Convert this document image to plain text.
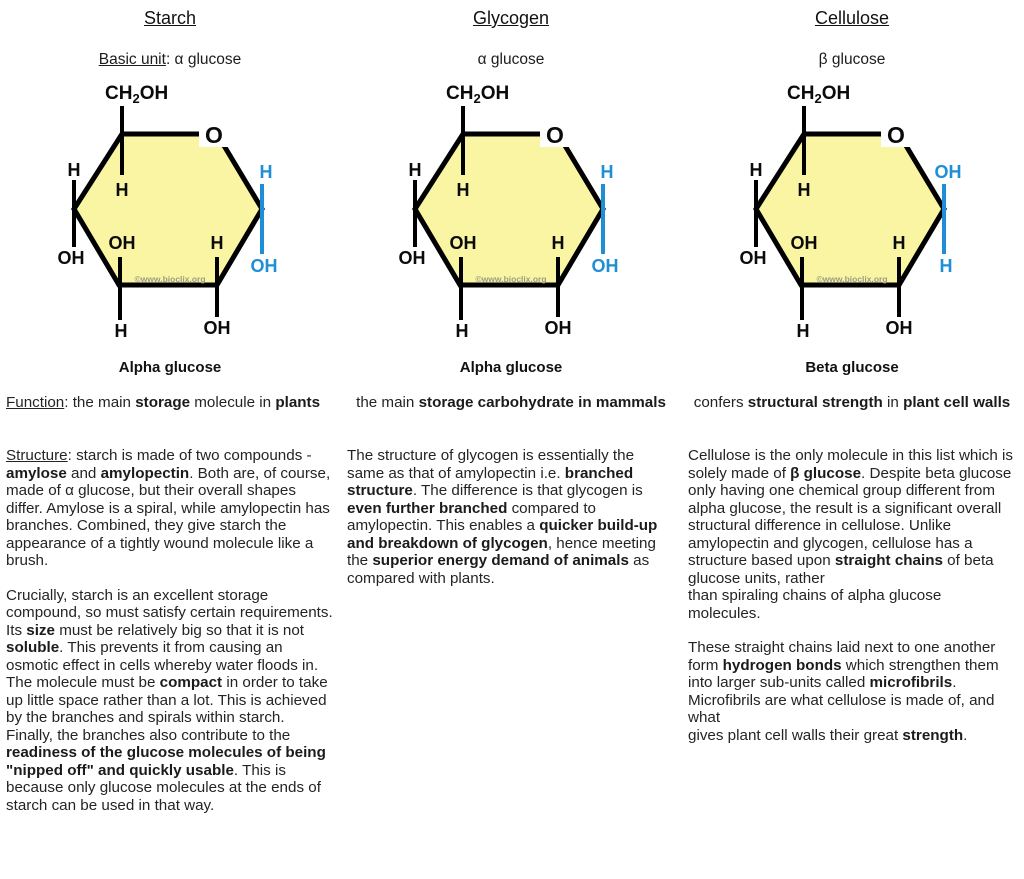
Starch
Basic unit: α glucose
O
$CH_2OH$
H
H
OH
OH	H
H	OH
H
OH
©www.bioclix.org
Alpha glucose
Function: the main storage molecule in plants

Structure: starch is made of two compounds - amylose and amylopectin. Both are, of course, made of α glucose, but their overall shapes differ. Amylose is a spiral, while amylopectin has branches. Combined, they give starch the appearance of a tightly wound molecule like a brush.

Crucially, starch is an excellent storage compound, so must satisfy certain requirements. Its size must be relatively big so that it is not soluble. This prevents it from causing an osmotic effect in cells whereby water floods in. The molecule must be compact in order to take up little space rather than a lot. This is achieved by the branches and spirals within starch. Finally, the branches also contribute to the readiness of the glucose molecules of being "nipped off" and quickly usable. This is because only glucose molecules at the ends of starch can be used in that way.

Glycogen
α glucose
O
$CH_2OH$
H
H
OH
OH	H
H	OH
H
OH
©www.bioclix.org
Alpha glucose
the main storage carbohydrate in mammals

The structure of glycogen is essentially the same as that of amylopectin i.e. branched structure. The difference is that glycogen is even further branched compared to amylopectin. This enables a quicker build-up and breakdown of glycogen, hence meeting the superior energy demand of animals as compared with plants.

Cellulose
β glucose
O
$CH_2OH$
H
H
OH
OH	H
H	OH
OH
H
©www.bioclix.org
Beta glucose
confers structural strength in plant cell walls

Cellulose is the only molecule in this list which is solely made of β glucose. Despite beta glucose only having one chemical group different from alpha glucose, the result is a significant overall structural difference in cellulose. Unlike amylopectin and glycogen, cellulose has a structure based upon straight chains of beta glucose units, rather
than spiraling chains of alpha glucose molecules.

These straight chains laid next to one another form hydrogen bonds which strengthen them into larger sub-units called microfibrils. Microfibrils are what cellulose is made of, and what
gives plant cell walls their great strength.
